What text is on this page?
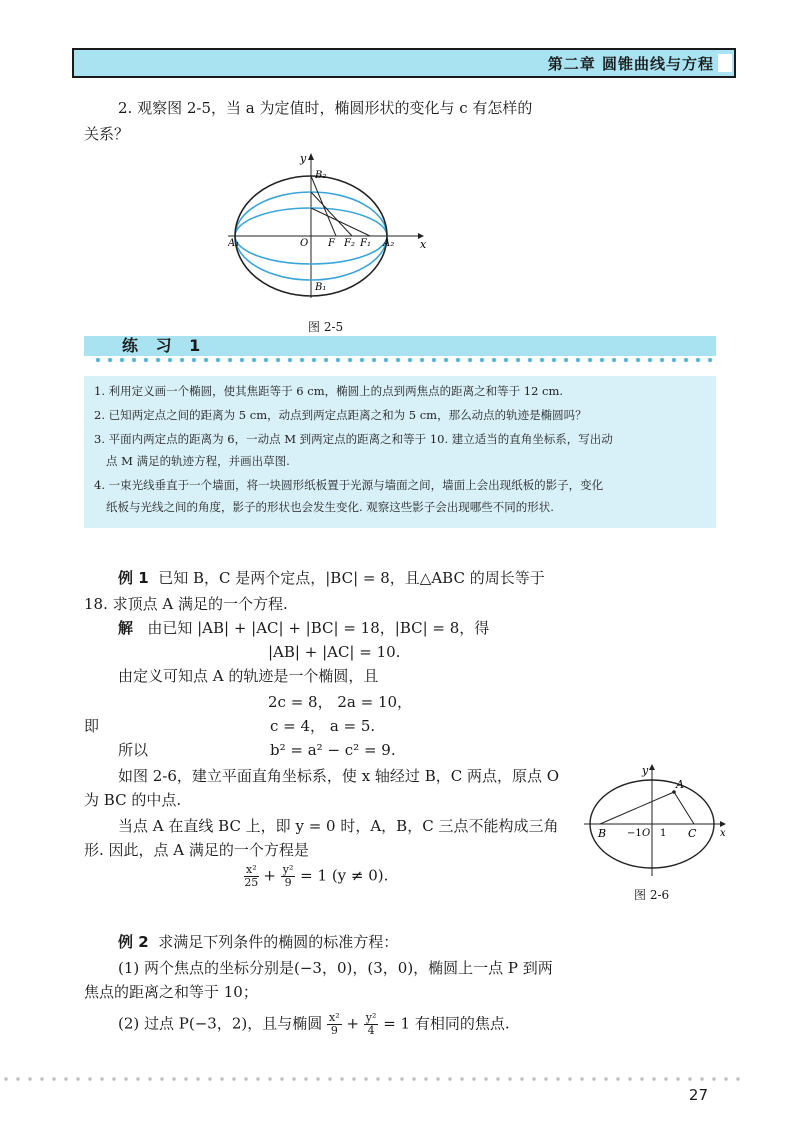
第二章 圆锥曲线与方程
2. 观察图 2-5，当 a 为定值时，椭圆形状的变化与 c 有怎样的
关系？
y
x
B₂
B₁
A₁	A₂
O F F₂ F₁
图 2-5
练 习 1
1. 利用定义画一个椭圆，使其焦距等于 6 cm，椭圆上的点到两焦点的距离之和等于 12 cm.
2. 已知两定点之间的距离为 5 cm，动点到两定点距离之和为 5 cm，那么动点的轨迹是椭圆吗？
3. 平面内两定点的距离为 6，一动点 M 到两定点的距离之和等于 10. 建立适当的直角坐标系，写出动
点 M 满足的轨迹方程，并画出草图.
4. 一束光线垂直于一个墙面，将一块圆形纸板置于光源与墙面之间，墙面上会出现纸板的影子，变化
纸板与光线之间的角度，影子的形状也会发生变化. 观察这些影子会出现哪些不同的形状.
例 1 已知 B，C 是两个定点，|BC| = 8，且△ABC 的周长等于
18. 求顶点 A 满足的一个方程.
解 由已知 |AB| + |AC| + |BC| = 18，|BC| = 8，得
|AB| + |AC| = 10.
由定义可知点 A 的轨迹是一个椭圆，且
2c = 8， 2a = 10，
即	c = 4， a = 5.
所以	b² = a² − c² = 9.
如图 2-6，建立平面直角坐标系，使 x 轴经过 B，C 两点，原点 O
为 BC 的中点.
当点 A 在直线 BC 上，即 y = 0 时，A，B，C 三点不能构成三角
形. 因此，点 A 满足的一个方程是
$\frac{\text{x²}}{25} + \frac{\text{y²}}{9} = 1$ (y ≠ 0).
y
x
A
B	C
−1 O 1
图 2-6
例 2 求满足下列条件的椭圆的标准方程：
(1) 两个焦点的坐标分别是(−3，0)，(3，0)，椭圆上一点 P 到两
焦点的距离之和等于 10；
(2) 过点 P(−3，2)，且与椭圆 $\frac{\text{x²}}{9} + \frac{\text{y²}}{4} = 1$ 有相同的焦点.
27
